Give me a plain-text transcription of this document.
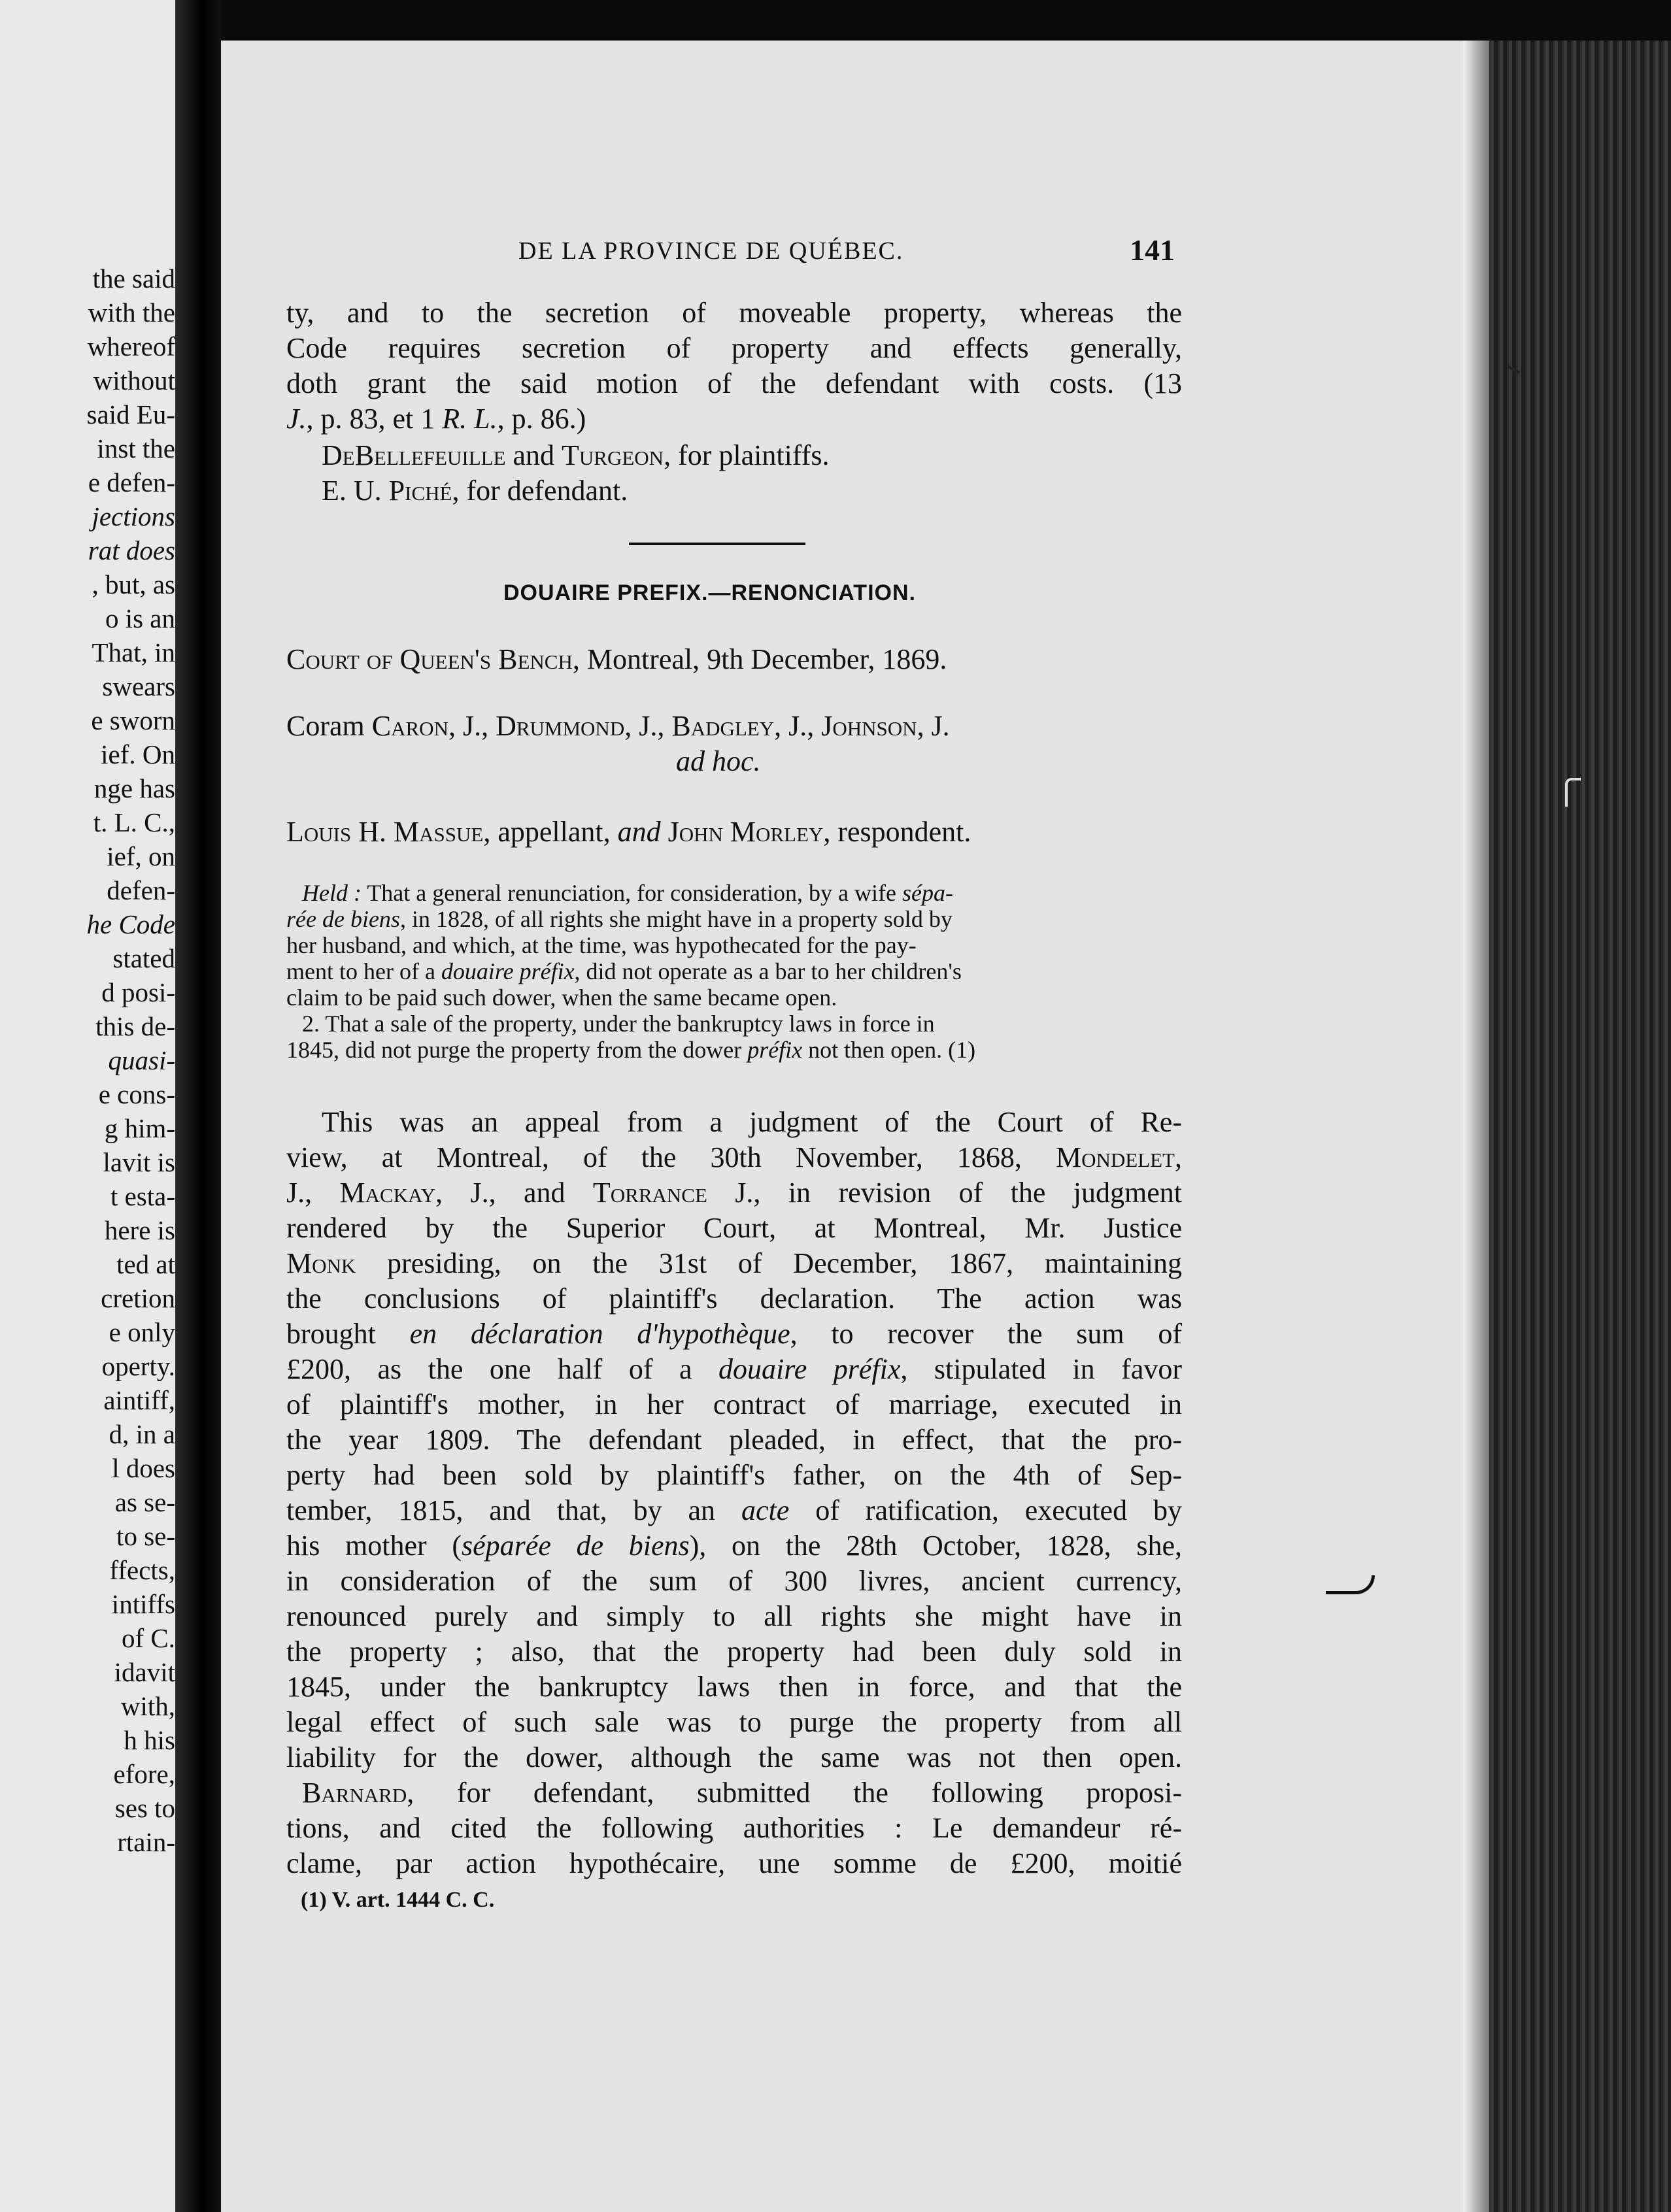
the said
with the
whereof
without
said Eu-
inst the
e defen-
jections
rat does
, but, as
o is an
That, in
swears
e sworn
ief. On
nge has
t. L. C.,
ief, on
defen-
he Code
stated
d posi-
this de-
quasi-
e cons-
g him-
lavit is
t esta-
here is
ted at
cretion
e only
operty.
aintiff,
d, in a
l does
as se-
to se-
ffects,
intiffs
of C.
idavit
with,
h his
efore,
ses to
rtain-
DE LA PROVINCE DE QUÉBEC.	141
ty, and to the secretion of moveable property, whereas the
Code requires secretion of property and effects generally,
doth grant the said motion of the defendant with costs. (13
J., p. 83, et 1 R. L., p. 86.)
DeBellefeuille and Turgeon, for plaintiffs.
E. U. Piché, for defendant.
DOUAIRE PREFIX.—RENONCIATION.
Court of Queen's Bench, Montreal, 9th December, 1869.
Coram Caron, J., Drummond, J., Badgley, J., Johnson, J.
ad hoc.
Louis H. Massue, appellant, and John Morley, respondent.
Held : That a general renunciation, for consideration, by a wife sépa-
rée de biens, in 1828, of all rights she might have in a property sold by
her husband, and which, at the time, was hypothecated for the pay-
ment to her of a douaire préfix, did not operate as a bar to her children's
claim to be paid such dower, when the same became open.
2. That a sale of the property, under the bankruptcy laws in force in
1845, did not purge the property from the dower préfix not then open. (1)
This was an appeal from a judgment of the Court of Re-
view, at Montreal, of the 30th November, 1868, Mondelet,
J., Mackay, J., and Torrance J., in revision of the judgment
rendered by the Superior Court, at Montreal, Mr. Justice
Monk presiding, on the 31st of December, 1867, maintaining
the conclusions of plaintiff's declaration. The action was
brought en déclaration d'hypothèque, to recover the sum of
£200, as the one half of a douaire préfix, stipulated in favor
of plaintiff's mother, in her contract of marriage, executed in
the year 1809. The defendant pleaded, in effect, that the pro-
perty had been sold by plaintiff's father, on the 4th of Sep-
tember, 1815, and that, by an acte of ratification, executed by
his mother (séparée de biens), on the 28th October, 1828, she,
in consideration of the sum of 300 livres, ancient currency,
renounced purely and simply to all rights she might have in
the property ; also, that the property had been duly sold in
1845, under the bankruptcy laws then in force, and that the
legal effect of such sale was to purge the property from all
liability for the dower, although the same was not then open.
Barnard, for defendant, submitted the following proposi-
tions, and cited the following authorities : Le demandeur ré-
clame, par action hypothécaire, une somme de £200, moitié
(1) V. art. 1444 C. C.
